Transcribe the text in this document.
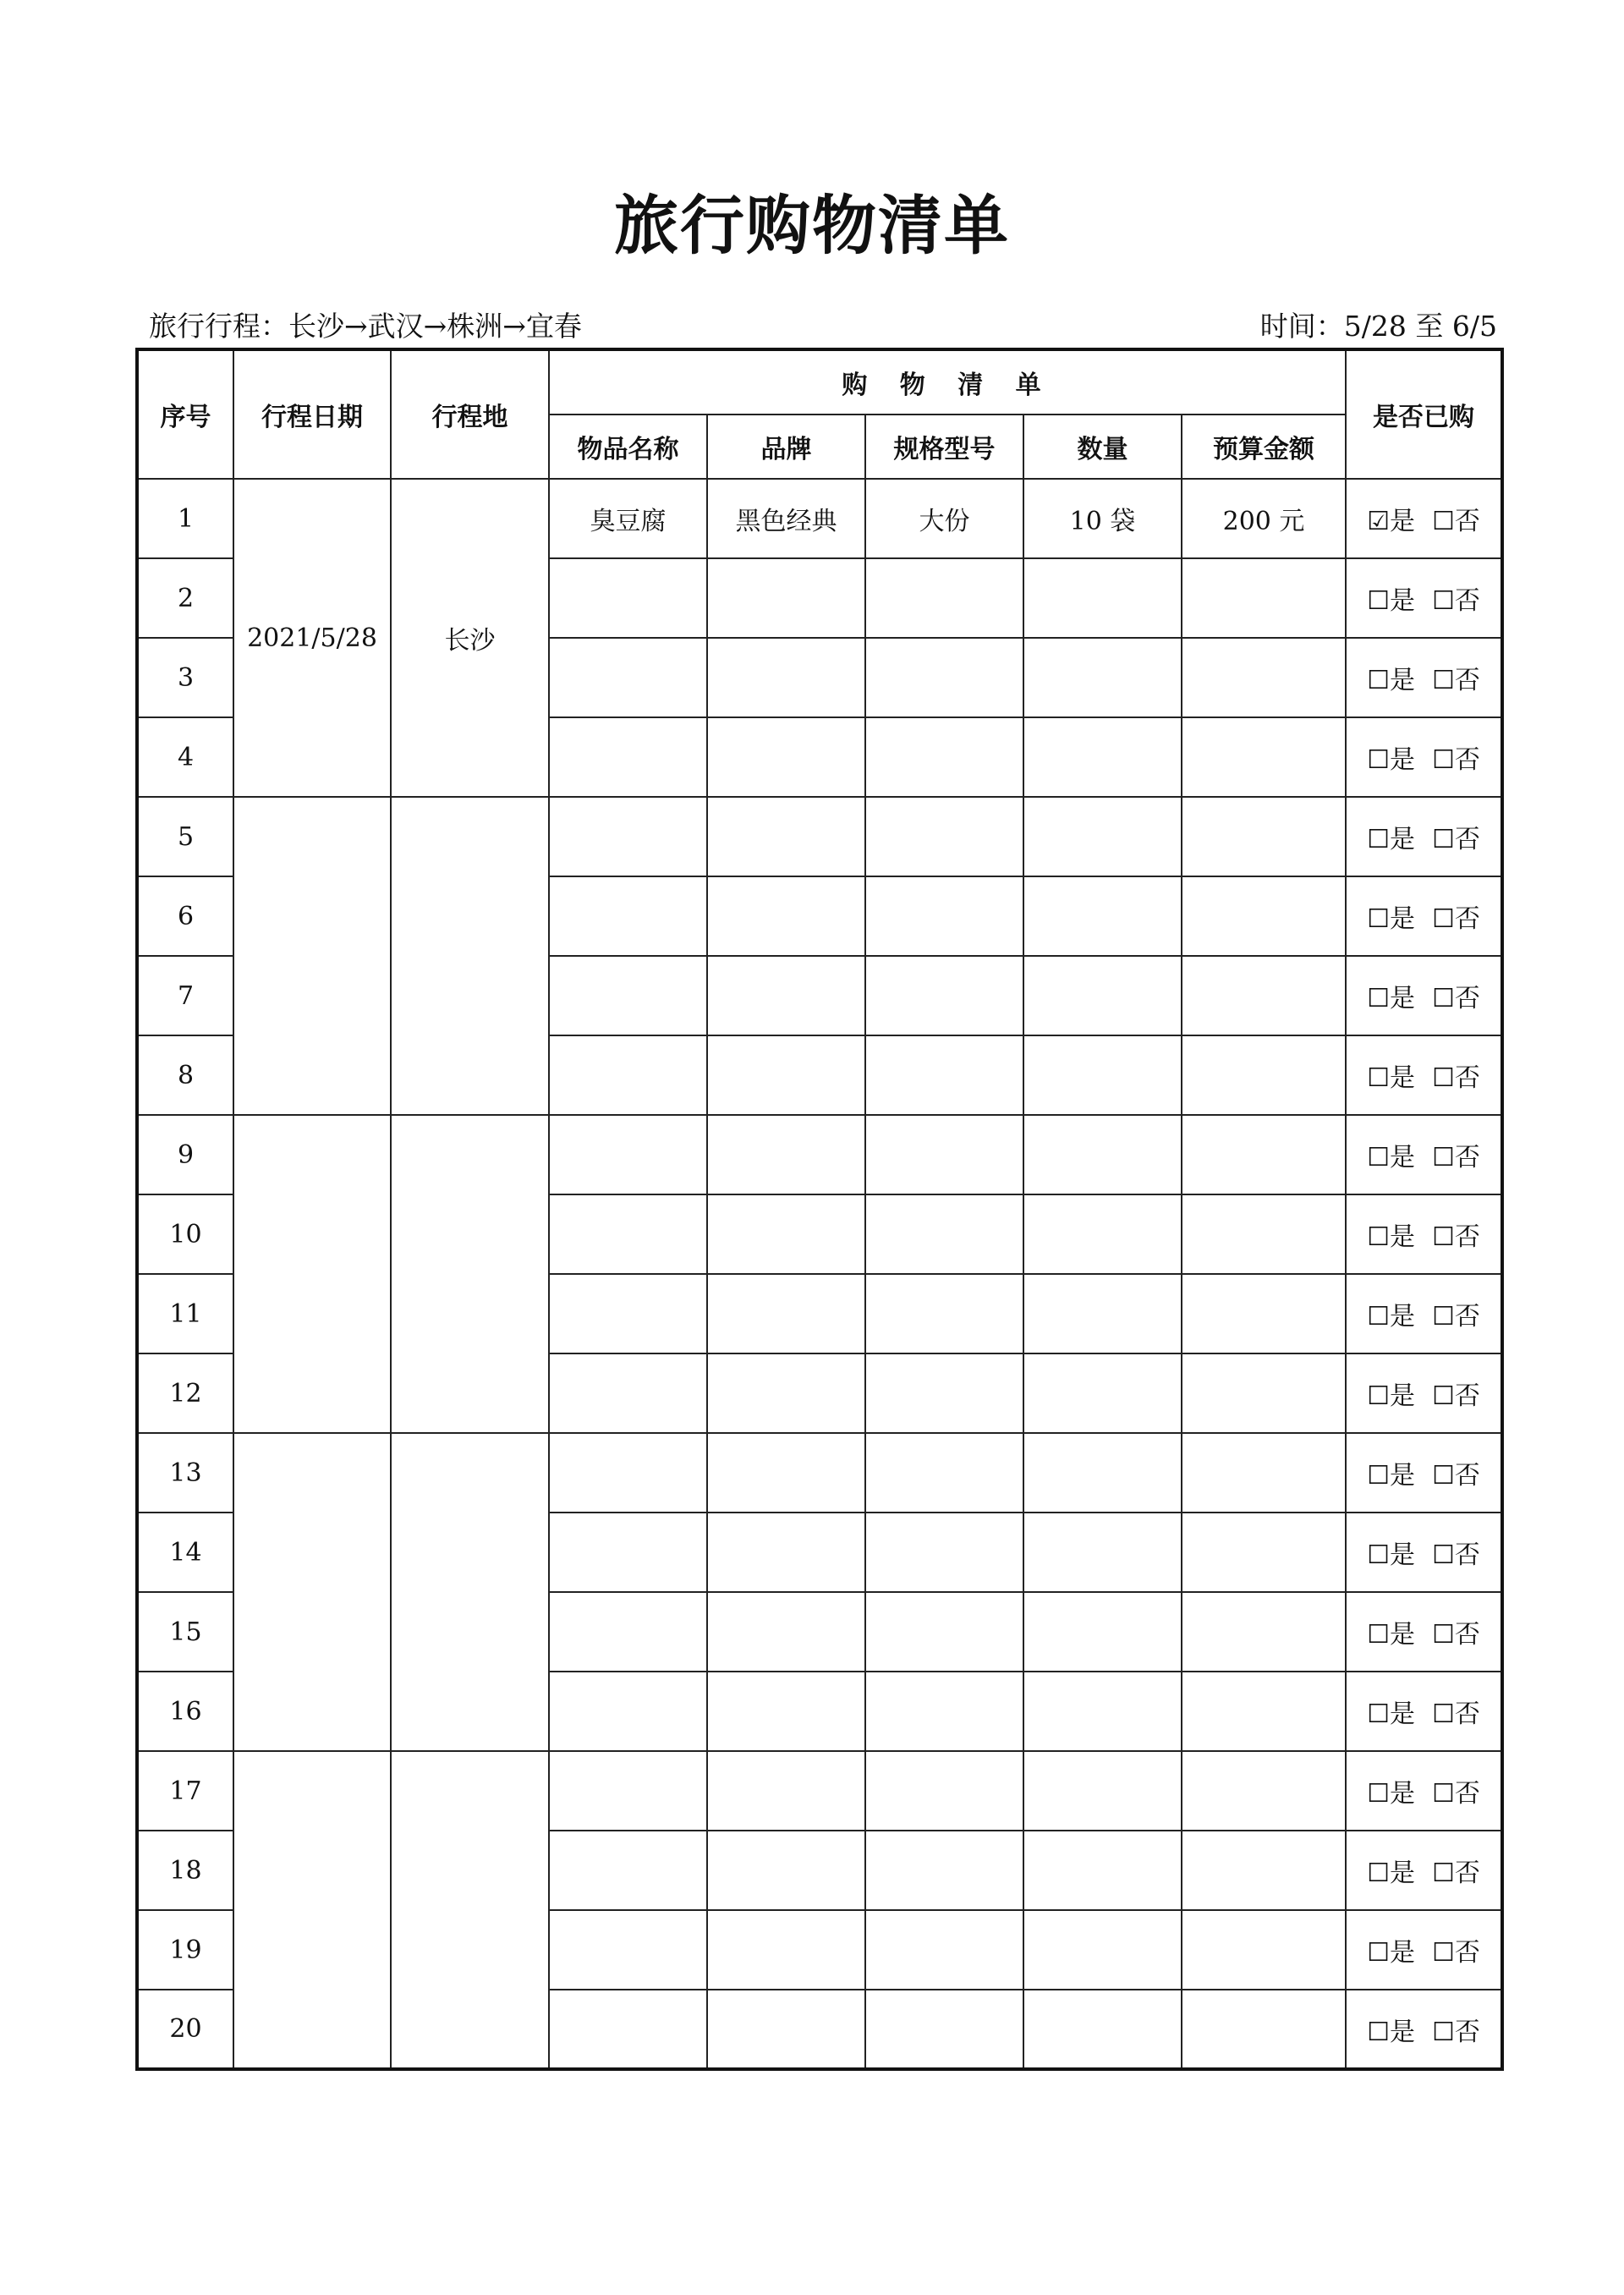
旅行购物清单
旅行行程：长沙→武汉→株洲→宜春	时间：5/28 至 6/5
序号	行程日期	行程地	购 物 清 单					是否已购
			物品名称	品牌	规格型号	数量	预算金额	
1	2021/5/28	长沙	臭豆腐	黑色经典	大份	10 袋	200 元	☑是 ☐否
2								☐是 ☐否
3								☐是 ☐否
4								☐是 ☐否
5								☐是 ☐否
6								☐是 ☐否
7								☐是 ☐否
8								☐是 ☐否
9								☐是 ☐否
10								☐是 ☐否
11								☐是 ☐否
12								☐是 ☐否
13								☐是 ☐否
14								☐是 ☐否
15								☐是 ☐否
16								☐是 ☐否
17								☐是 ☐否
18								☐是 ☐否
19								☐是 ☐否
20								☐是 ☐否
